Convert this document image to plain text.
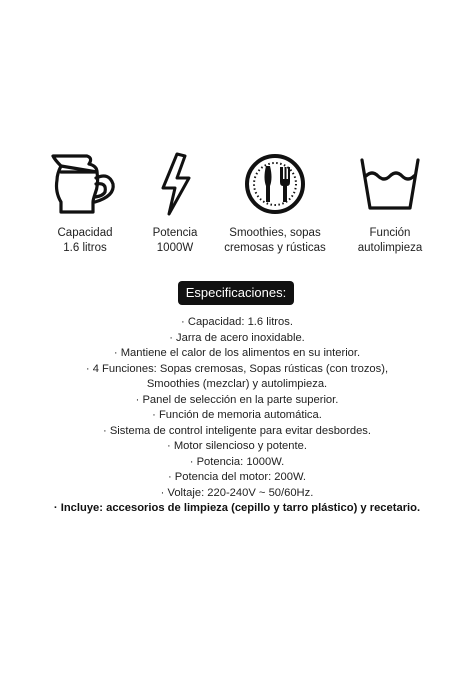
Capacidad
1.6 litros
Potencia
1000W
Smoothies, sopas
cremosas y rústicas
Función
autolimpieza
Especificaciones:
· Capacidad: 1.6 litros.
· Jarra de acero inoxidable.
· Mantiene el calor de los alimentos en su interior.
· 4 Funciones: Sopas cremosas, Sopas rústicas (con trozos),
Smoothies (mezclar) y autolimpieza.
· Panel de selección en la parte superior.
· Función de memoria automática.
· Sistema de control inteligente para evitar desbordes.
· Motor silencioso y potente.
· Potencia: 1000W.
· Potencia del motor: 200W.
· Voltaje: 220-240V ~ 50/60Hz.
· Incluye: accesorios de limpieza (cepillo y tarro plástico) y recetario.
